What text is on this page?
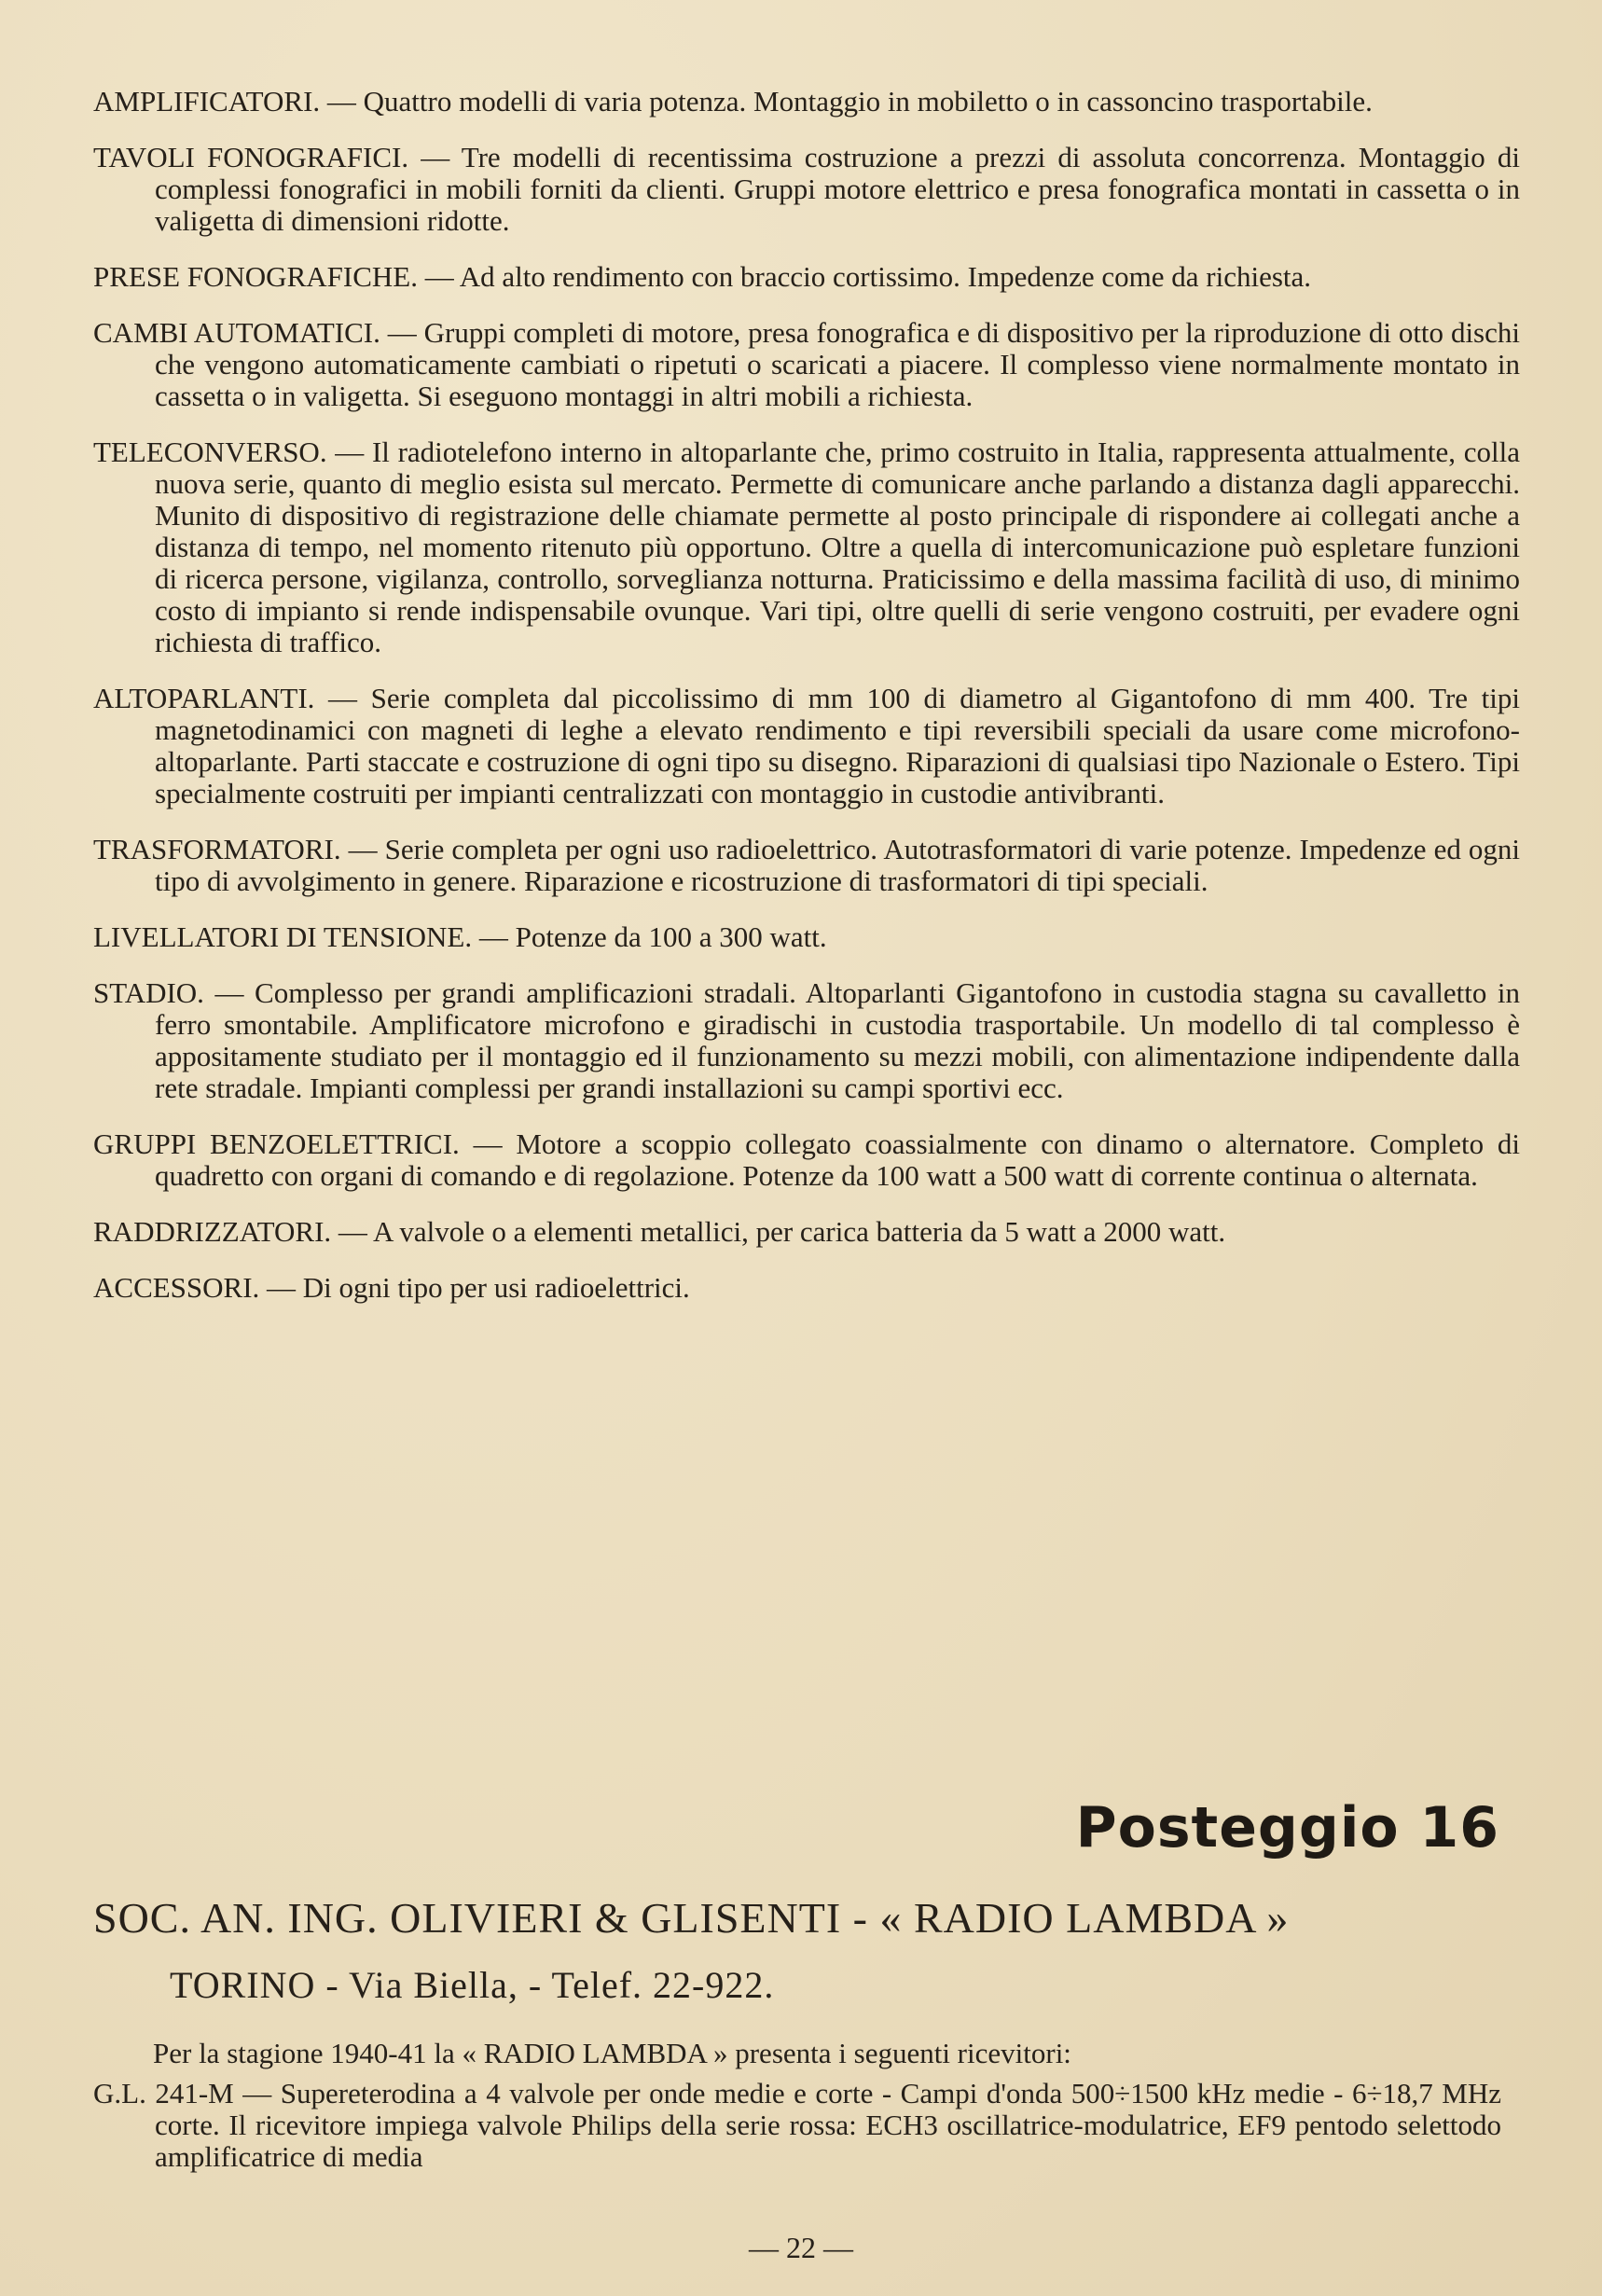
AMPLIFICATORI. — Quattro modelli di varia potenza. Montaggio in mobiletto o in cassoncino trasportabile.

TAVOLI FONOGRAFICI. — Tre modelli di recentissima costruzione a prezzi di assoluta concorrenza. Montaggio di complessi fonografici in mobili forniti da clienti. Gruppi motore elettrico e presa fonografica montati in cassetta o in valigetta di dimensioni ridotte.

PRESE FONOGRAFICHE. — Ad alto rendimento con braccio cortissimo. Impedenze come da richiesta.

CAMBI AUTOMATICI. — Gruppi completi di motore, presa fonografica e di dispositivo per la riproduzione di otto dischi che vengono automaticamente cambiati o ripetuti o scaricati a piacere. Il complesso viene normalmente montato in cassetta o in valigetta. Si eseguono montaggi in altri mobili a richiesta.

TELECONVERSO. — Il radiotelefono interno in altoparlante che, primo costruito in Italia, rappresenta attualmente, colla nuova serie, quanto di meglio esista sul mercato. Permette di comunicare anche parlando a distanza dagli apparecchi. Munito di dispositivo di registrazione delle chiamate permette al posto principale di rispondere ai collegati anche a distanza di tempo, nel momento ritenuto più opportuno. Oltre a quella di intercomunicazione può espletare funzioni di ricerca persone, vigilanza, controllo, sorveglianza notturna. Praticissimo e della massima facilità di uso, di minimo costo di impianto si rende indispensabile ovunque. Vari tipi, oltre quelli di serie vengono costruiti, per evadere ogni richiesta di traffico.

ALTOPARLANTI. — Serie completa dal piccolissimo di mm 100 di diametro al Gigantofono di mm 400. Tre tipi magnetodinamici con magneti di leghe a elevato rendimento e tipi reversibili speciali da usare come microfono-altoparlante. Parti staccate e costruzione di ogni tipo su disegno. Riparazioni di qualsiasi tipo Nazionale o Estero. Tipi specialmente costruiti per impianti centralizzati con montaggio in custodie antivibranti.

TRASFORMATORI. — Serie completa per ogni uso radioelettrico. Autotrasformatori di varie potenze. Impedenze ed ogni tipo di avvolgimento in genere. Riparazione e ricostruzione di trasformatori di tipi speciali.

LIVELLATORI DI TENSIONE. — Potenze da 100 a 300 watt.

STADIO. — Complesso per grandi amplificazioni stradali. Altoparlanti Gigantofono in custodia stagna su cavalletto in ferro smontabile. Amplificatore microfono e giradischi in custodia trasportabile. Un modello di tal complesso è appositamente studiato per il montaggio ed il funzionamento su mezzi mobili, con alimentazione indipendente dalla rete stradale. Impianti complessi per grandi installazioni su campi sportivi ecc.

GRUPPI BENZOELETTRICI. — Motore a scoppio collegato coassialmente con dinamo o alternatore. Completo di quadretto con organi di comando e di regolazione. Potenze da 100 watt a 500 watt di corrente continua o alternata.

RADDRIZZATORI. — A valvole o a elementi metallici, per carica batteria da 5 watt a 2000 watt.

ACCESSORI. — Di ogni tipo per usi radioelettrici.

Posteggio 16
SOC. AN. ING. OLIVIERI & GLISENTI - « RADIO LAMBDA »
TORINO - Via Biella, - Telef. 22-922.
Per la stagione 1940-41 la « RADIO LAMBDA » presenta i seguenti ricevitori:

G.L. 241-M — Supereterodina a 4 valvole per onde medie e corte - Campi d'onda 500÷1500 kHz medie - 6÷18,7 MHz corte. Il ricevitore impiega valvole Philips della serie rossa: ECH3 oscillatrice-modulatrice, EF9 pentodo selettodo amplificatrice di media

— 22 —
